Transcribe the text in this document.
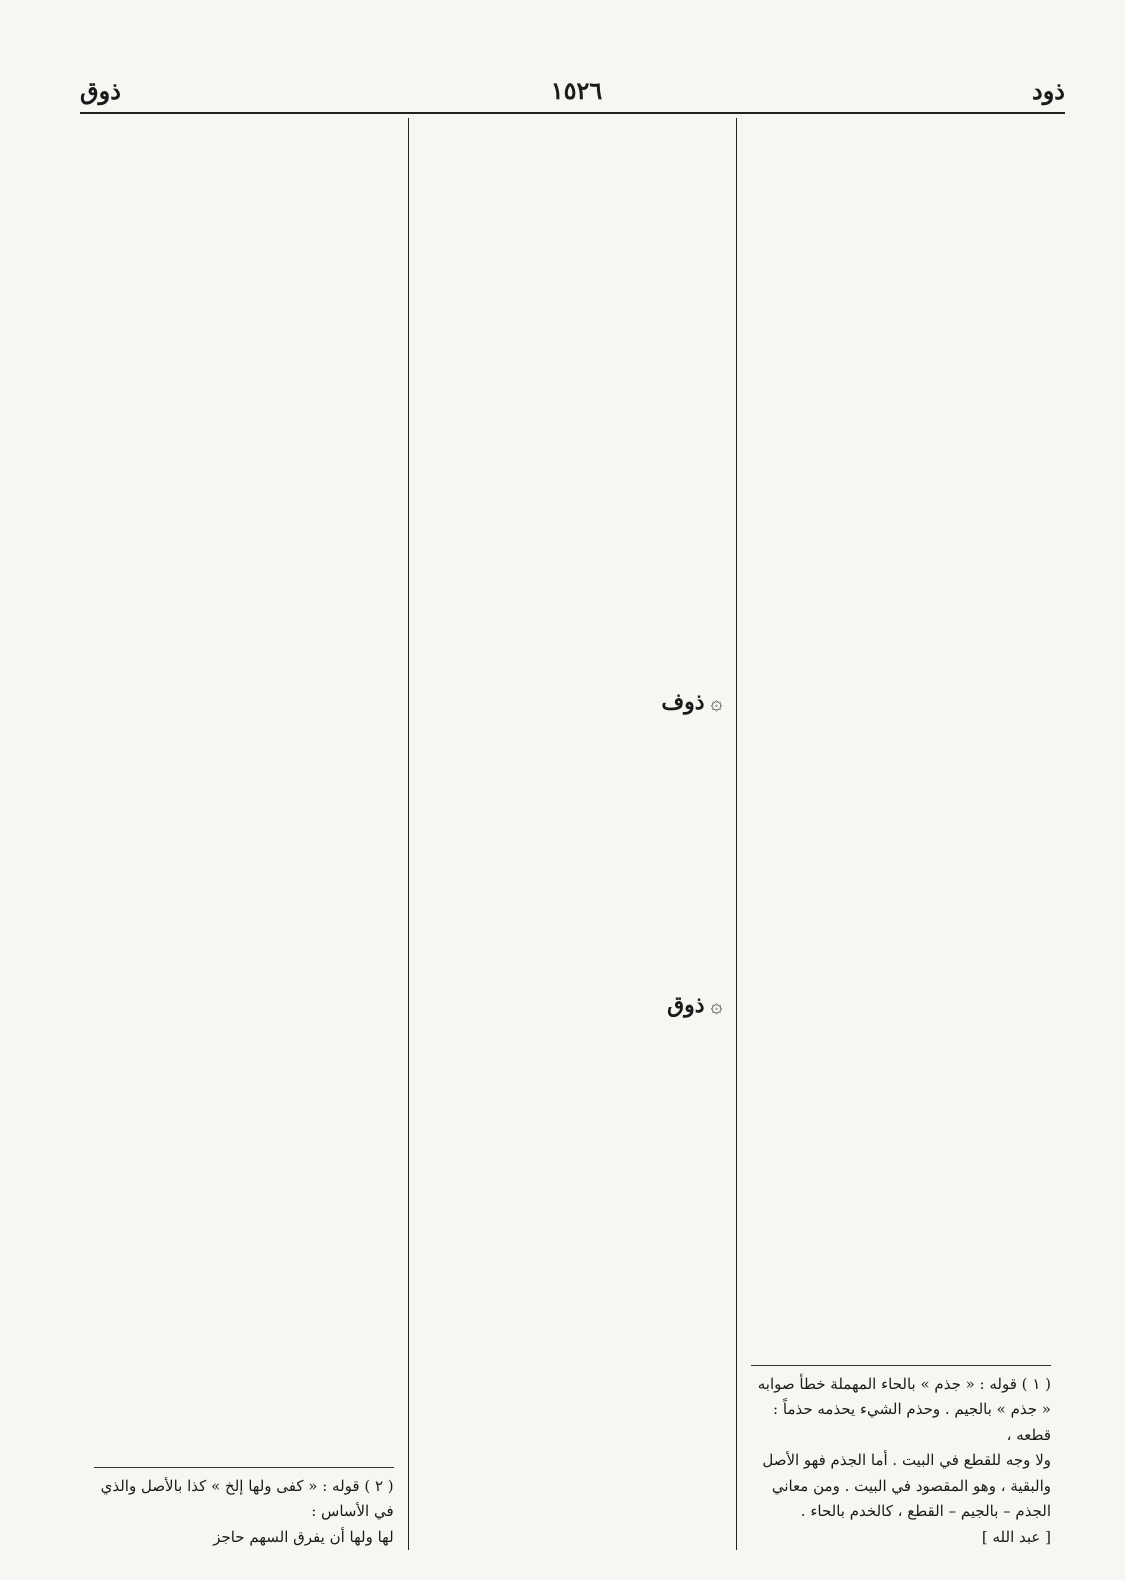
ذود
١٥٢٦
ذوق
( ١ ) قوله : « جذم » بالحاء المهملة خطأ صوابه
« جذم » بالجيم . وحذم الشيء يحذمه حذماً : قطعه ،
ولا وجه للقطع في البيت . أما الجذم فهو الأصل
والبقية ، وهو المقصود في البيت . ومن معاني
الجذم – بالجيم – القطع ، كالخدم بالحاء .
[ عبد الله ]
۞ذوف
۞ذوق
( ٢ ) قوله : « كفى ولها إلخ » كذا بالأصل والذي
في الأساس :
لها ولها أن يفرق السهم حاجز
